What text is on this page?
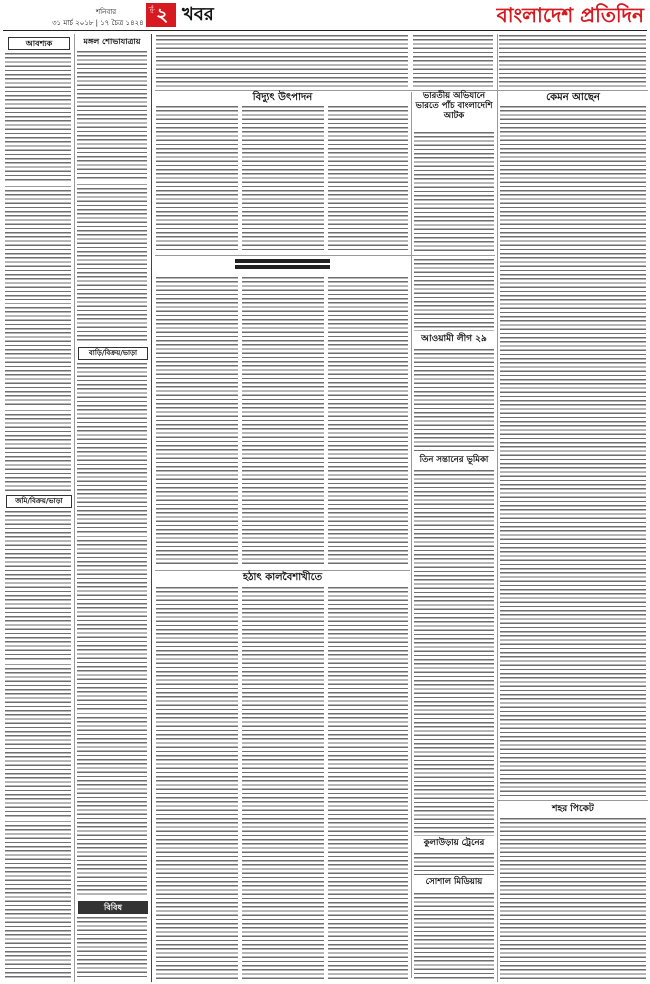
শনিবার
৩১ মার্চ ২০১৮ | ১৭ চৈত্র ১৪২৪
পৃষ্ঠা ২ খবর	বাংলাদেশ প্রতিদিন
আবশ্যক
জমি/বিক্রয়/ভাড়া
মঙ্গল শোভাযাত্রায়
বাড়ি/বিক্রয়/ভাড়া
বিবিধ
বিদ্যুৎ উৎপাদন	ভারতীয় অভিযানে ভারতে পাঁচ বাংলাদেশি আটক
কেমন আছেন
আওয়ামী লীগ ২৯
তিন সন্তানের ভূমিকা
হঠাৎ কালবৈশাখীতে
কুলাউড়ায় ট্রেনের
সোশাল মিডিয়ায়
শহর পিকেট
